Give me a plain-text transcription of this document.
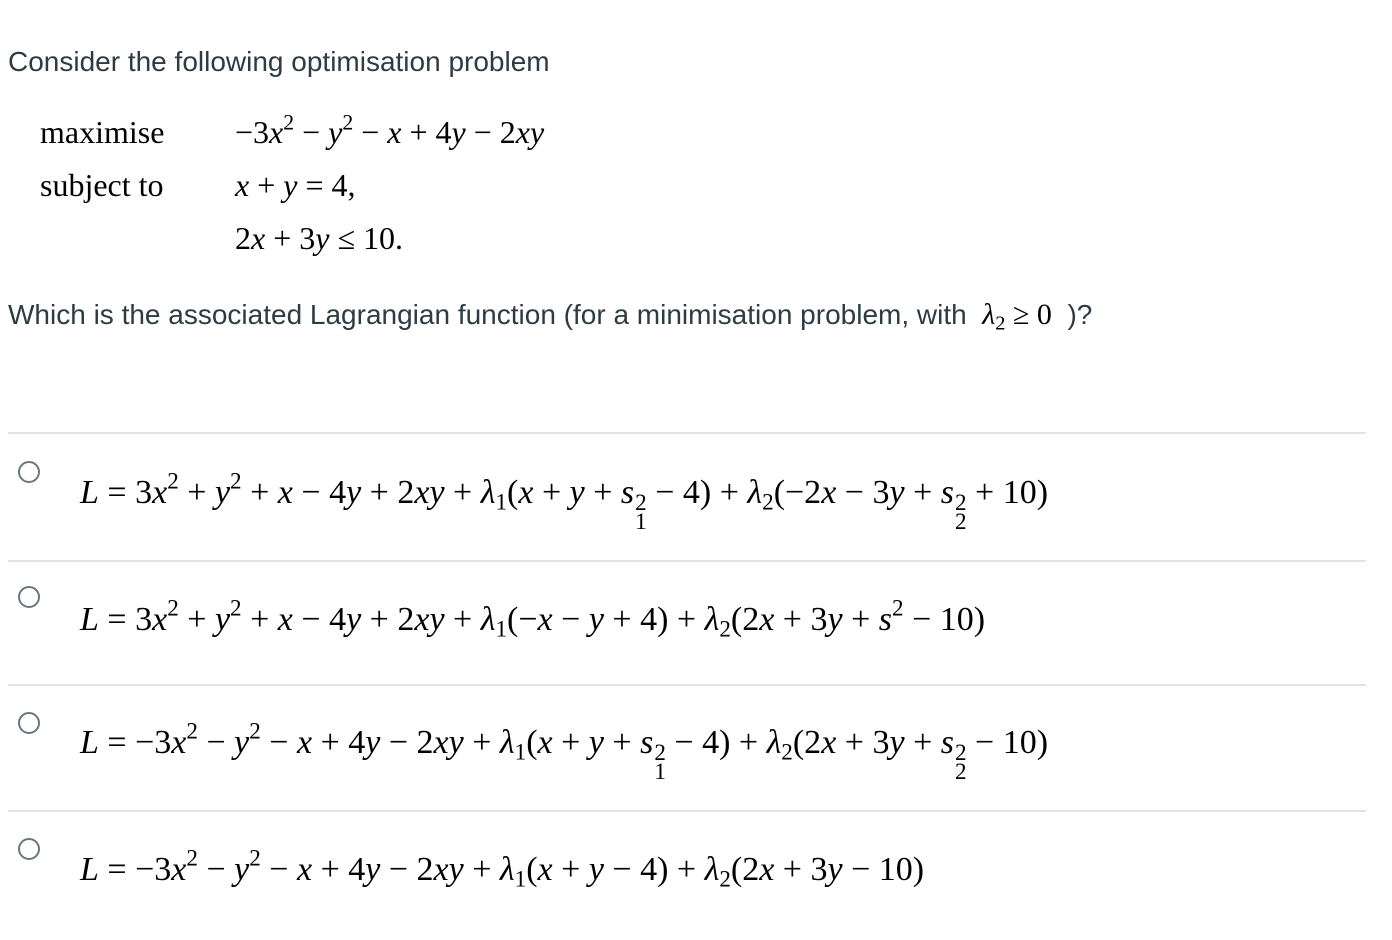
Consider the following optimisation problem
maximise	$-3x^2 - y^2 - x + 4y - 2xy$
subject to	x + y = 4,
2x + 3y ≤ 10.
Which is the associated Lagrangian function (for a minimisation problem, with $\lambda_2 \ge 0$ )?
$L = 3x^2 + y^2 + x - 4y + 2xy + \lambda_1(x + y + s$ 2
1
− $4) + \lambda_2(-2x - 3y + s$ 2
2
+ 10)
$L = 3x^2 + y^2 + x - 4y + 2xy + \lambda_1(-x - y + 4) + \lambda_2(2x + 3y + s^2 - 10)$
$L = -3x^2 - y^2 - x + 4y - 2xy + \lambda_1(x + y + s$ 2
1
− $4) + \lambda_2(2x + 3y + s$ 2
2
− 10)
$L = -3x^2 - y^2 - x + 4y - 2xy + \lambda_1(x + y - 4) + \lambda_2(2x + 3y - 10)$
